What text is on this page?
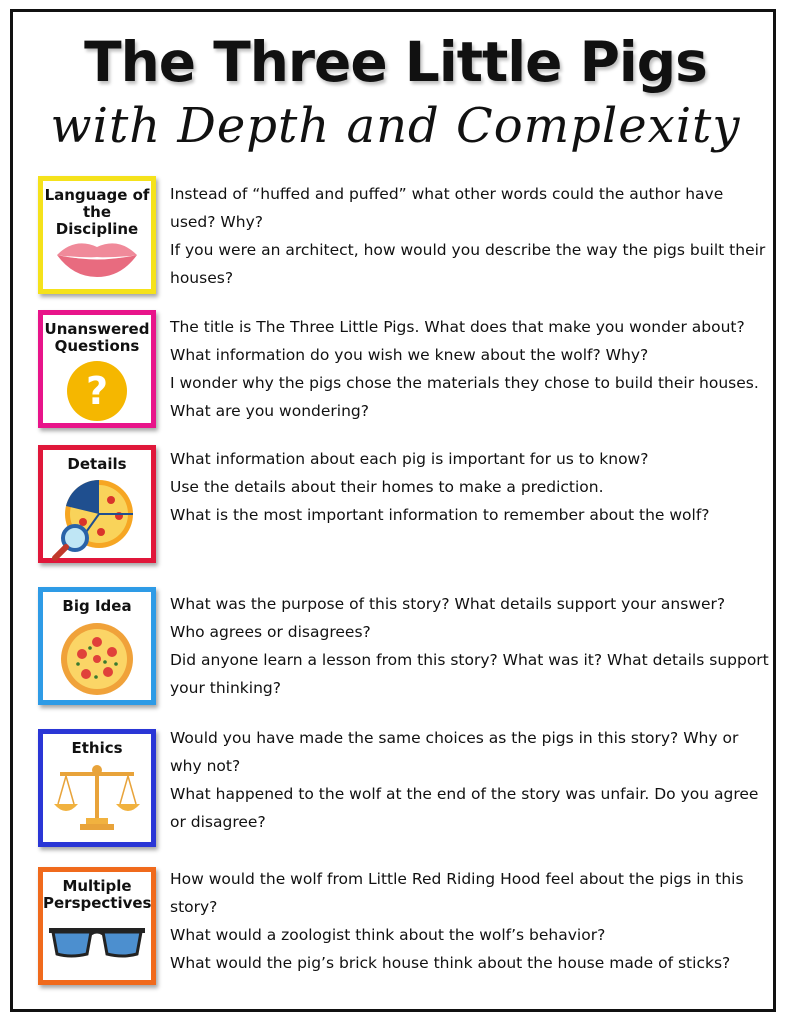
The Three Little Pigs
with Depth and Complexity
Language of the Discipline
Instead of “huffed and puffed” what other words could the author have used? Why?
If you were an architect, how would you describe the way the pigs built their houses?
Unanswered Questions
?
The title is The Three Little Pigs. What does that make you wonder about?
What information do you wish we knew about the wolf? Why?
I wonder why the pigs chose the materials they chose to build their houses.
What are you wondering?
Details	What information about each pig is important for us to know?
Use the details about their homes to make a prediction.
What is the most important information to remember about the wolf?
Big Idea	What was the purpose of this story? What details support your answer?
Who agrees or disagrees?
Did anyone learn a lesson from this story? What was it? What details support your thinking?
Ethics
Would you have made the same choices as the pigs in this story? Why or why not?
What happened to the wolf at the end of the story was unfair. Do you agree or disagree?
Multiple Perspectives
How would the wolf from Little Red Riding Hood feel about the pigs in this story?
What would a zoologist think about the wolf’s behavior?
What would the pig’s brick house think about the house made of sticks?
